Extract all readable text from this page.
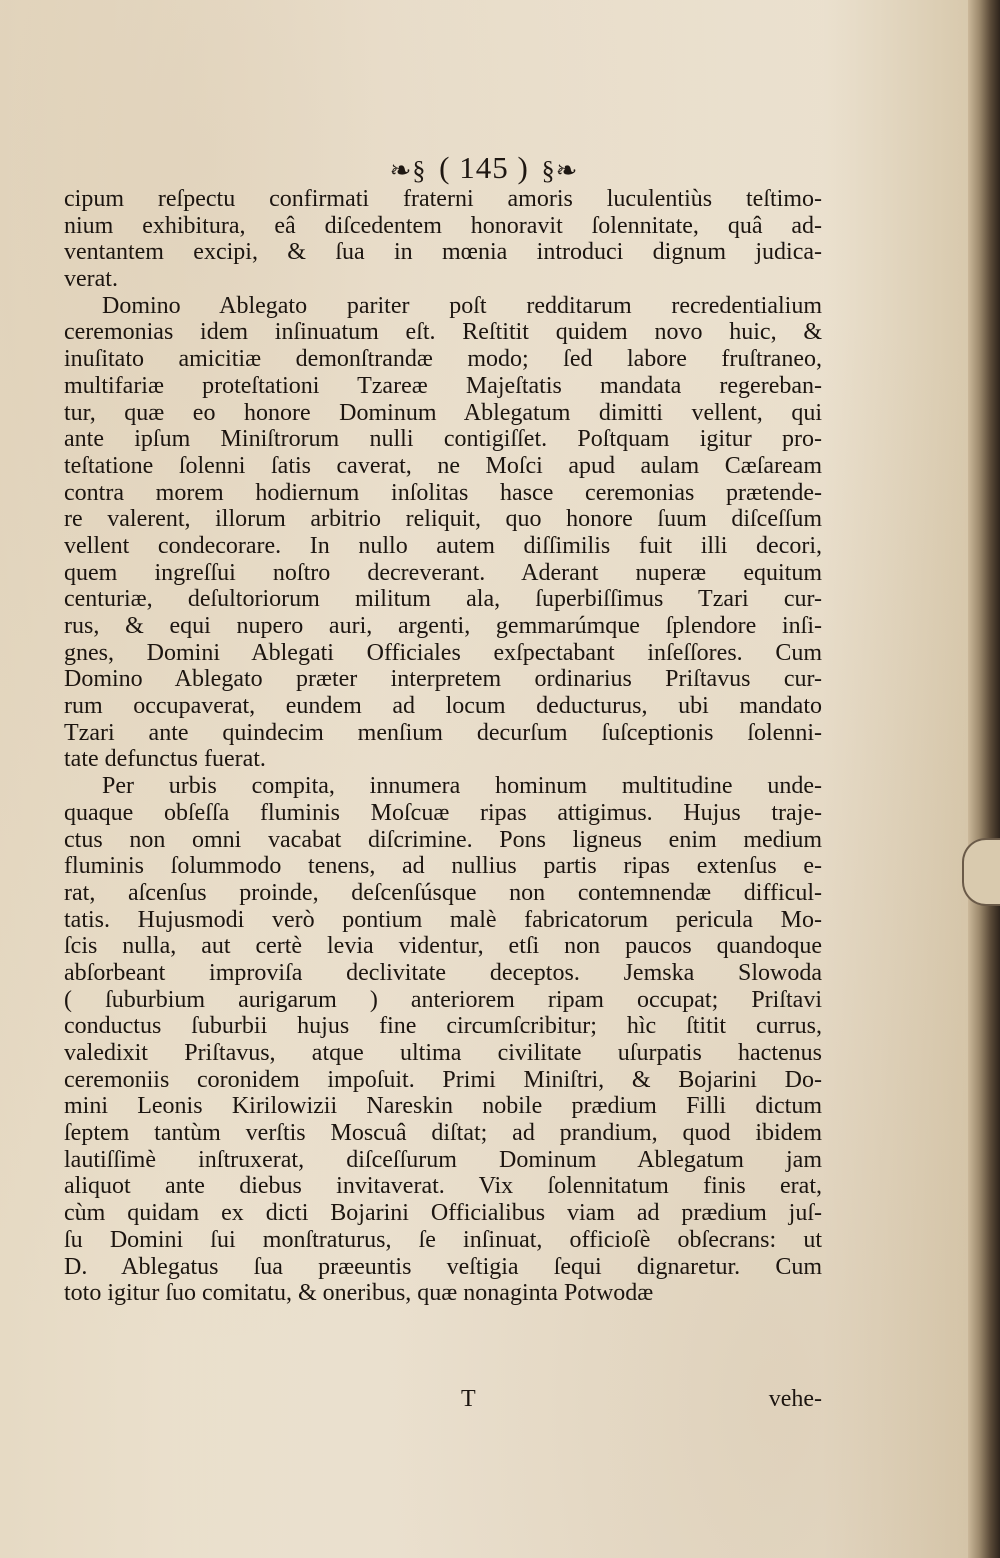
❧§ ( 145 ) §❧
cipum reſpectu confirmati fraterni amoris luculentiùs teſtimo-
nium exhibitura, eâ diſcedentem honoravit ſolennitate, quâ ad-
ventantem excipi, & ſua in mœnia introduci dignum judica-
verat.
Domino Ablegato pariter poſt redditarum recredentialium
ceremonias idem inſinuatum eſt. Reſtitit quidem novo huic, &
inuſitato amicitiæ demonſtrandæ modo; ſed labore fruſtraneo,
multifariæ proteſtationi Tzareæ Majeſtatis mandata regereban-
tur, quæ eo honore Dominum Ablegatum dimitti vellent, qui
ante ipſum Miniſtrorum nulli contigiſſet. Poſtquam igitur pro-
teſtatione ſolenni ſatis caverat, ne Moſci apud aulam Cæſaream
contra morem hodiernum inſolitas hasce ceremonias prætende-
re valerent, illorum arbitrio reliquit, quo honore ſuum diſceſſum
vellent condecorare. In nullo autem diſſimilis fuit illi decori,
quem ingreſſui noſtro decreverant. Aderant nuperæ equitum
centuriæ, deſultoriorum militum ala, ſuperbiſſimus Tzari cur-
rus, & equi nupero auri, argenti, gemmarúmque ſplendore inſi-
gnes, Domini Ablegati Officiales exſpectabant inſeſſores. Cum
Domino Ablegato præter interpretem ordinarius Priſtavus cur-
rum occupaverat, eundem ad locum deducturus, ubi mandato
Tzari ante quindecim menſium decurſum ſuſceptionis ſolenni-
tate defunctus fuerat.
Per urbis compita, innumera hominum multitudine unde-
quaque obſeſſa fluminis Moſcuæ ripas attigimus. Hujus traje-
ctus non omni vacabat diſcrimine. Pons ligneus enim medium
fluminis ſolummodo tenens, ad nullius partis ripas extenſus e-
rat, aſcenſus proinde, deſcenſúsque non contemnendæ difficul-
tatis. Hujusmodi verò pontium malè fabricatorum pericula Mo-
ſcis nulla, aut certè levia videntur, etſi non paucos quandoque
abſorbeant improviſa declivitate deceptos. Jemska Slowoda
( ſuburbium aurigarum ) anteriorem ripam occupat; Priſtavi
conductus ſuburbii hujus fine circumſcribitur; hìc ſtitit currus,
valedixit Priſtavus, atque ultima civilitate uſurpatis hactenus
ceremoniis coronidem impoſuit. Primi Miniſtri, & Bojarini Do-
mini Leonis Kirilowizii Nareskin nobile prædium Filli dictum
ſeptem tantùm verſtis Moscuâ diſtat; ad prandium, quod ibidem
lautiſſimè inſtruxerat, diſceſſurum Dominum Ablegatum jam
aliquot ante diebus invitaverat. Vix ſolennitatum finis erat,
cùm quidam ex dicti Bojarini Officialibus viam ad prædium juſ-
ſu Domini ſui monſtraturus, ſe inſinuat, officioſè obſecrans: ut
D. Ablegatus ſua præeuntis veſtigia ſequi dignaretur. Cum
toto igitur ſuo comitatu, & oneribus, quæ nonaginta Potwodæ
T	vehe-
